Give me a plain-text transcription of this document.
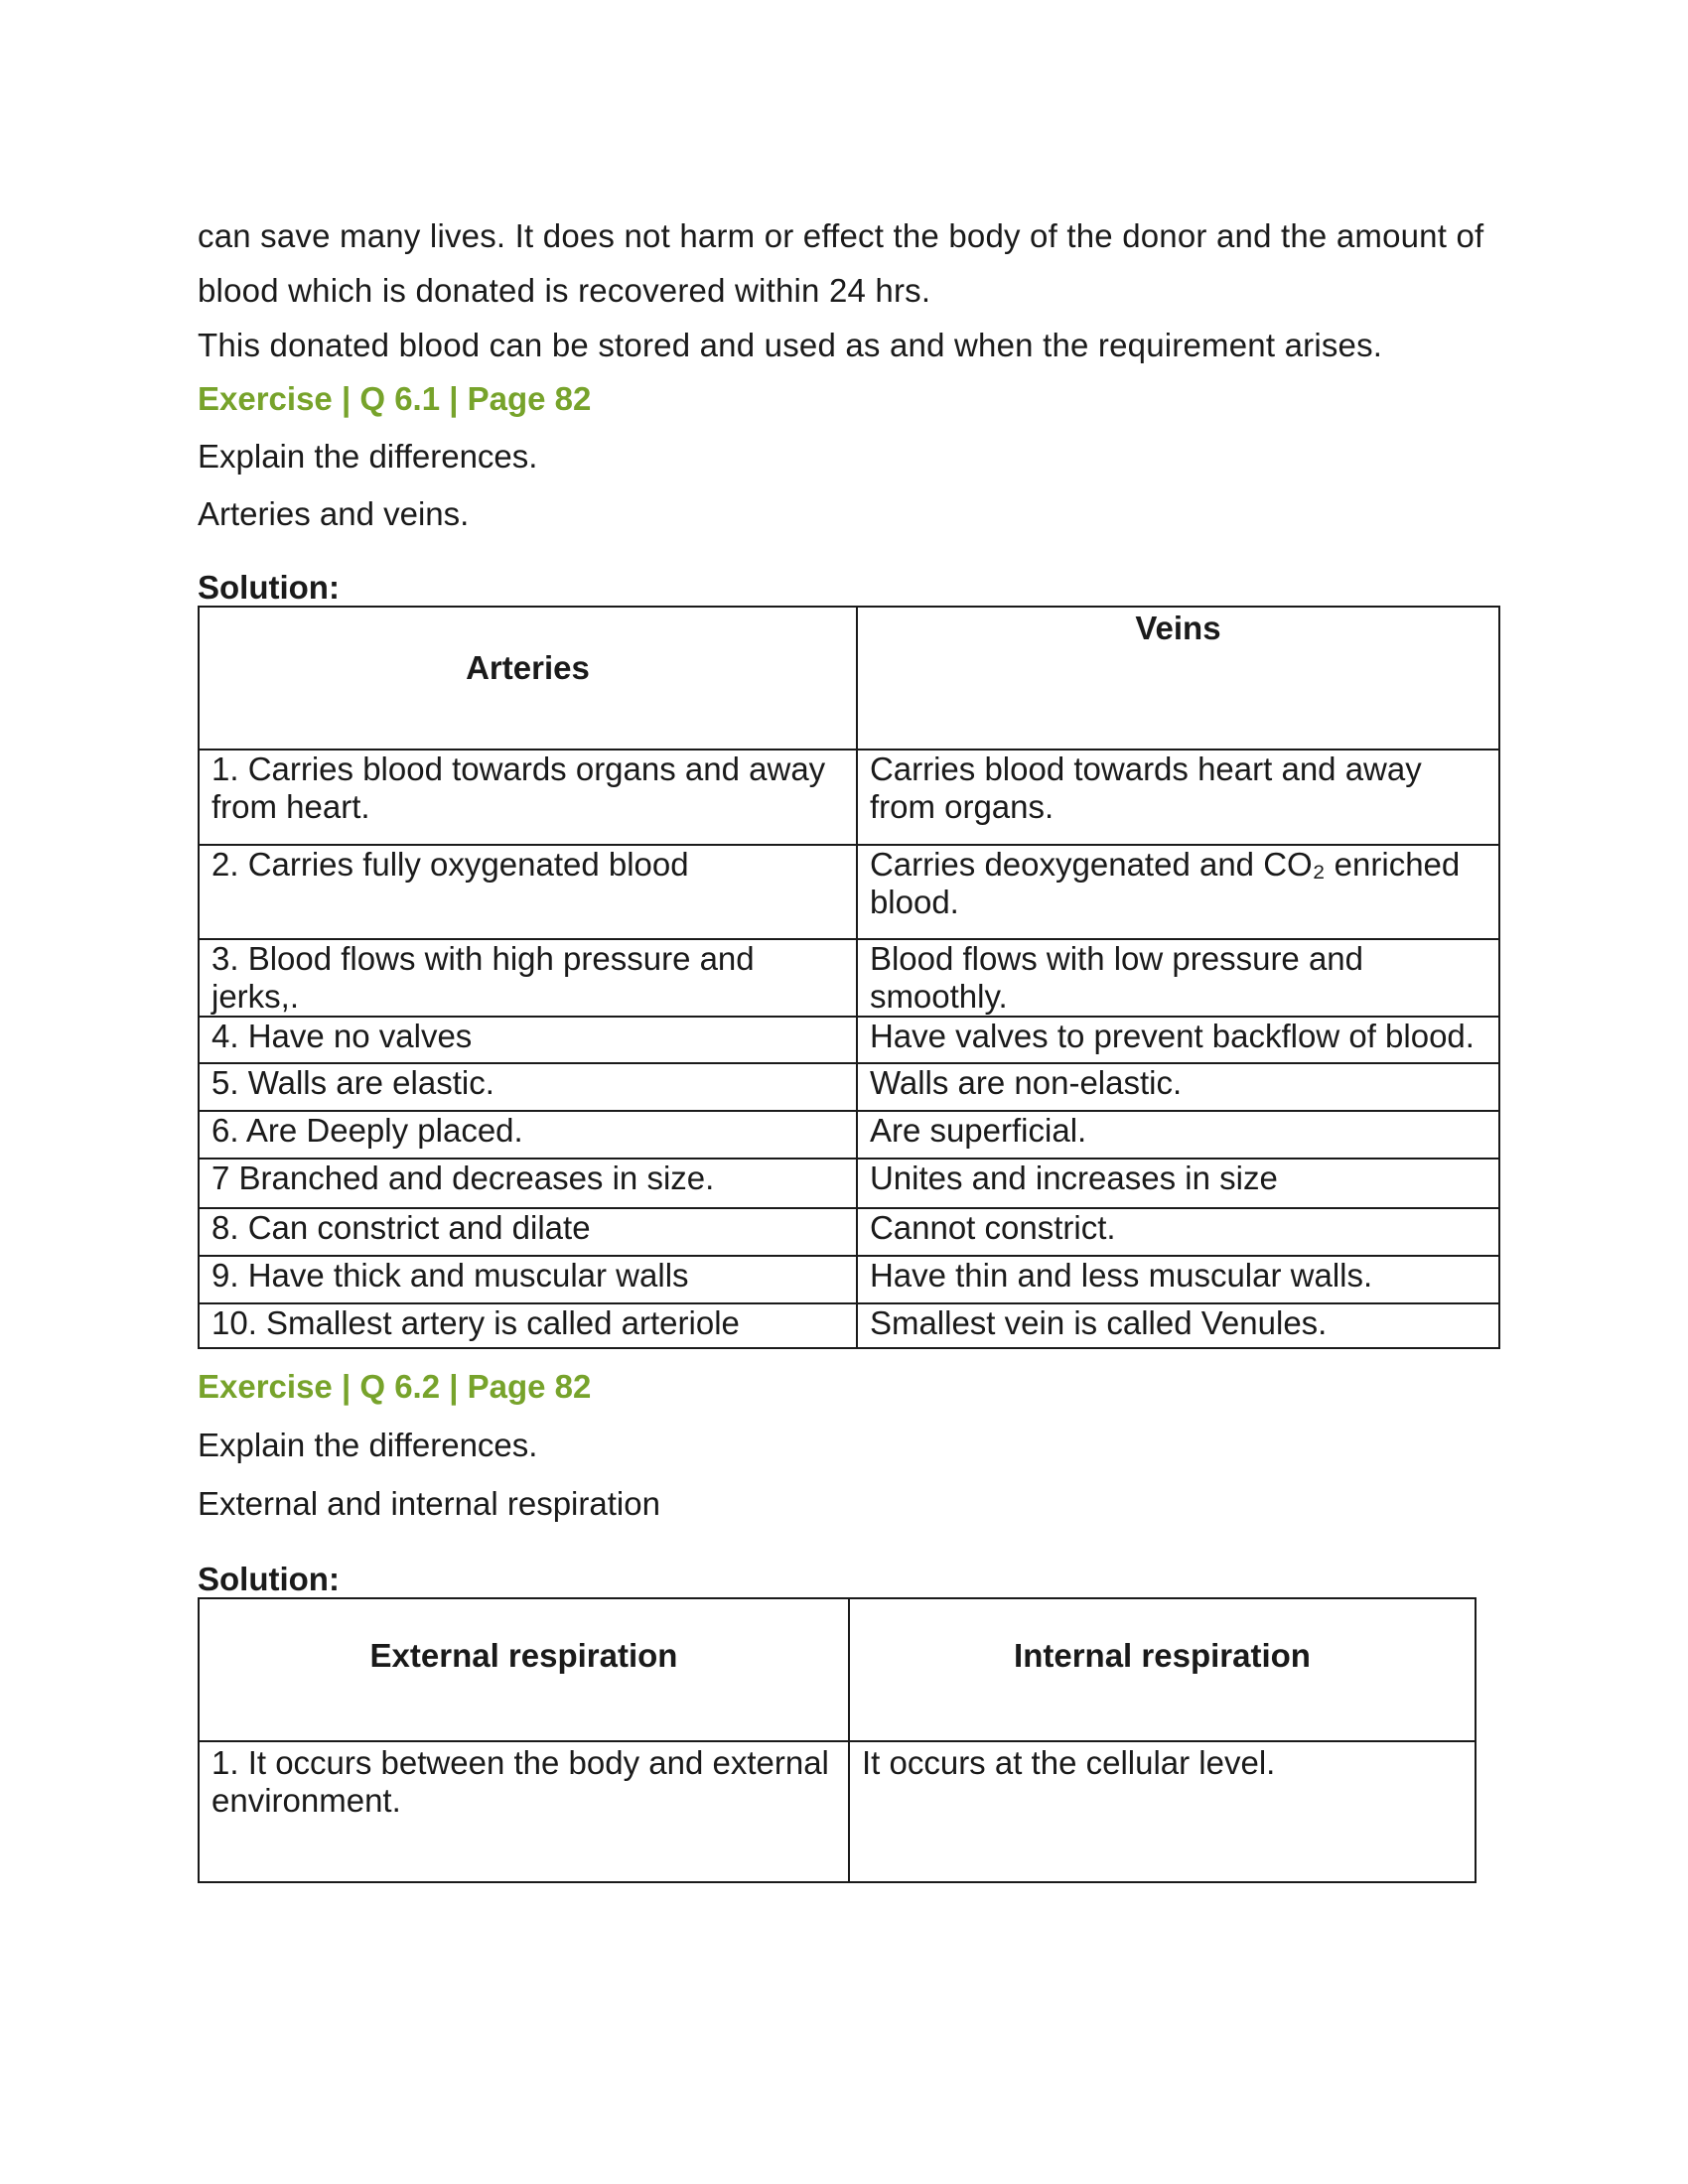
can save many lives. It does not harm or effect the body of the donor and the amount of

blood which is donated is recovered within 24 hrs.

This donated blood can be stored and used as and when the requirement arises.

Exercise | Q 6.1 | Page 82

Explain the differences.

Arteries and veins.

Solution:

Arteries	Veins
1. Carries blood towards organs and away from heart.	Carries blood towards heart and away from organs.
2. Carries fully oxygenated blood	Carries deoxygenated and CO₂ enriched blood.
3. Blood flows with high pressure and jerks,.	Blood flows with low pressure and smoothly.
4. Have no valves	Have valves to prevent backflow of blood.
5. Walls are elastic.	Walls are non-elastic.
6. Are Deeply placed.	Are superficial.
7 Branched and decreases in size.	Unites and increases in size
8. Can constrict and dilate	Cannot constrict.
9. Have thick and muscular walls	Have thin and less muscular walls.
10. Smallest artery is called arteriole	Smallest vein is called Venules.

Exercise | Q 6.2 | Page 82

Explain the differences.

External and internal respiration

Solution:

External respiration	Internal respiration
1. It occurs between the body and external environment.	It occurs at the cellular level.
